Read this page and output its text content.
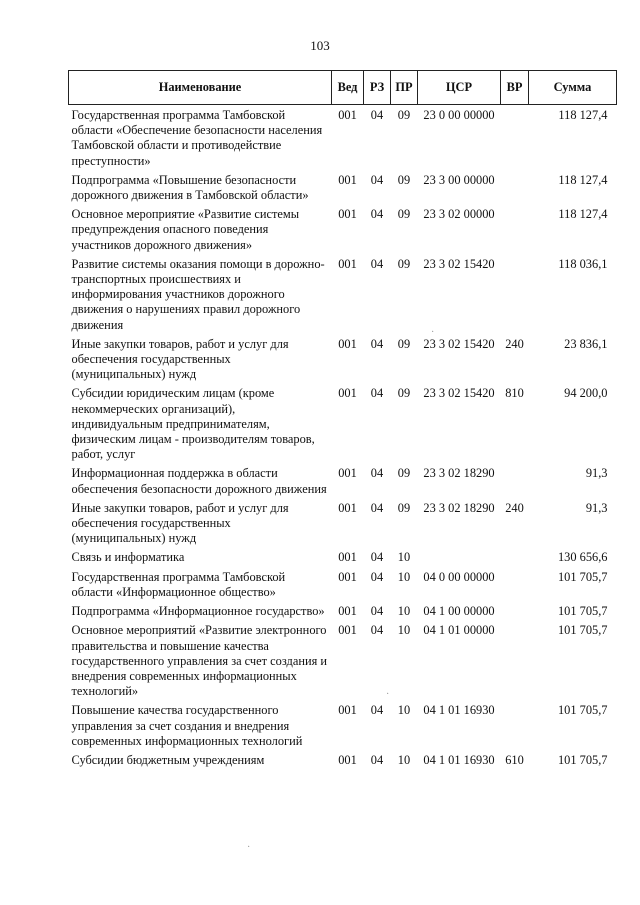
103
Наименование	Вед	РЗ	ПР	ЦСР	ВР	Сумма
Государственная программа Тамбовской области «Обеспечение безопасности населения Тамбовской области и противодействие преступности»	001	04	09	23 0 00 00000		118 127,4
Подпрограмма «Повышение безопасности дорожного движения в Тамбовской области»	001	04	09	23 3 00 00000		118 127,4
Основное мероприятие «Развитие системы предупреждения опасного поведения участников дорожного движения»	001	04	09	23 3 02 00000		118 127,4
Развитие системы оказания помощи в дорожно-транспортных происшествиях и информирования участников дорожного движения о нарушениях правил дорожного движения	001	04	09	23 3 02 15420		118 036,1
Иные закупки товаров, работ и услуг для обеспечения государственных (муниципальных) нужд	001	04	09	23 3 02 15420	240	23 836,1
Субсидии юридическим лицам (кроме некоммерческих организаций), индивидуальным предпринимателям, физическим лицам - производителям товаров, работ, услуг	001	04	09	23 3 02 15420	810	94 200,0
Информационная поддержка в области обеспечения безопасности дорожного движения	001	04	09	23 3 02 18290		91,3
Иные закупки товаров, работ и услуг для обеспечения государственных (муниципальных) нужд	001	04	09	23 3 02 18290	240	91,3
Связь и информатика	001	04	10			130 656,6
Государственная программа Тамбовской области «Информационное общество»	001	04	10	04 0 00 00000		101 705,7
Подпрограмма «Информационное государство»	001	04	10	04 1 00 00000		101 705,7
Основное мероприятий «Развитие электронного правительства и повышение качества государственного управления за счет создания и внедрения современных информационных технологий»	001	04	10	04 1 01 00000		101 705,7
Повышение качества государственного управления за счет создания и внедрения современных информационных технологий	001	04	10	04 1 01 16930		101 705,7
Субсидии бюджетным учреждениям	001	04	10	04 1 01 16930	610	101 705,7
·
·
·
